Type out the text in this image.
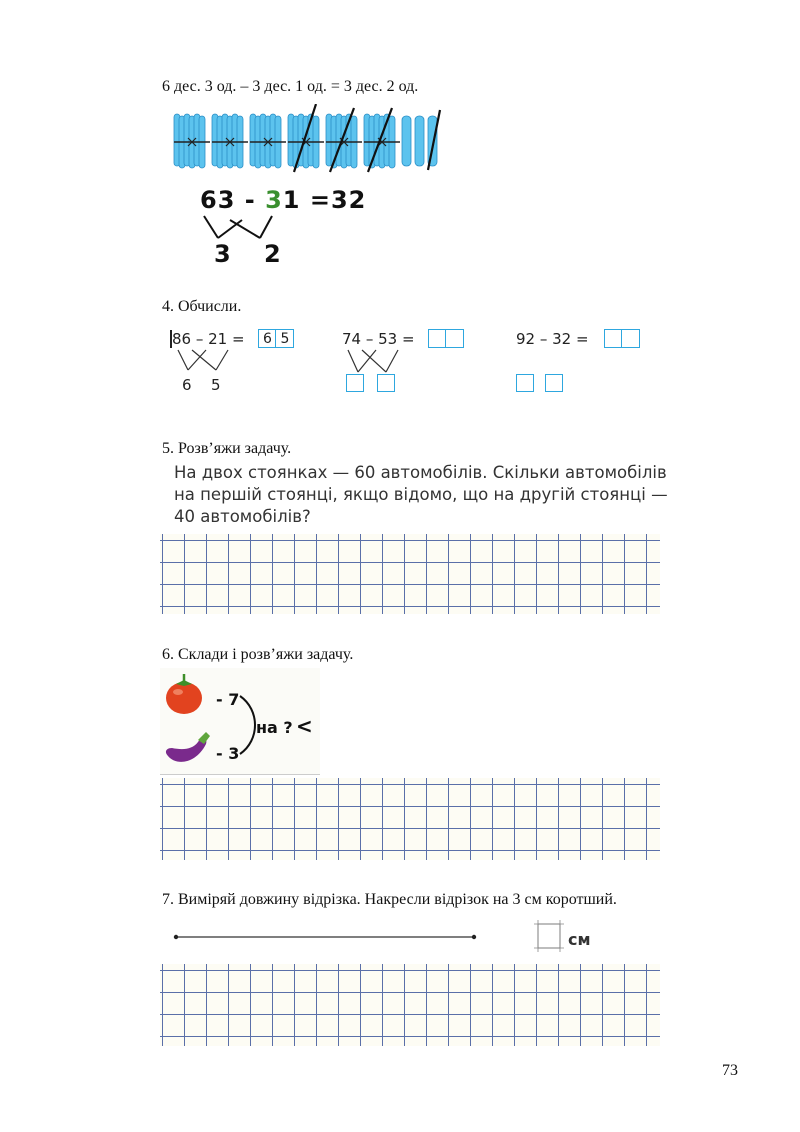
6 дес. 3 од. – 3 дес. 1 од. = 3 дес. 2 од.
63 - 31 =32
3 2
4. Обчисли.
86 – 21 =	6 5
6 5
74 – 53 =	92 – 32 =
5. Розв’яжи задачу.
На двох стоянках — 60 автомобілів. Скільки автомобілів
на першій стоянці, якщо відомо, що на другій стоянці —
40 автомобілів?
6. Склади і розв’яжи задачу.
- 7
- 3
на ? <
7. Виміряй довжину відрізка. Накресли відрізок на 3 см коротший.
см
73
